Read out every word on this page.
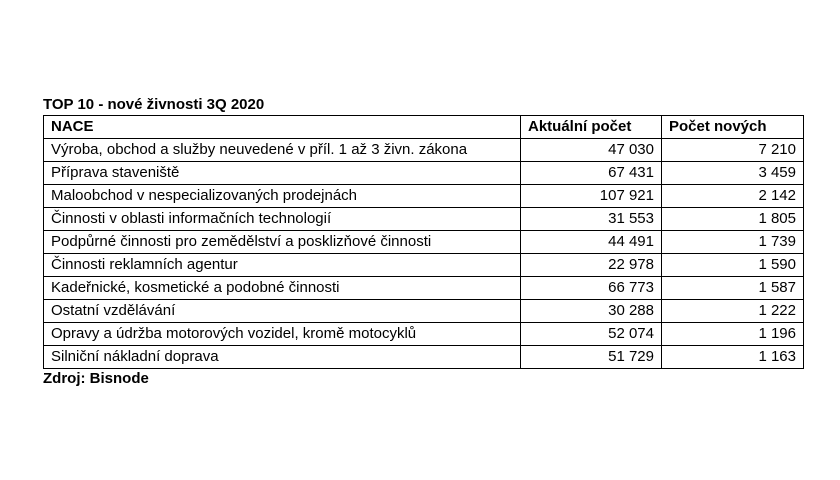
TOP 10 - nové živnosti 3Q 2020
NACE	Aktuální počet	Počet nových
Výroba, obchod a služby neuvedené v příl. 1 až 3 živn. zákona	47 030	7 210
Příprava staveniště	67 431	3 459
Maloobchod v nespecializovaných prodejnách	107 921	2 142
Činnosti v oblasti informačních technologií	31 553	1 805
Podpůrné činnosti pro zemědělství a posklizňové činnosti	44 491	1 739
Činnosti reklamních agentur	22 978	1 590
Kadeřnické, kosmetické a podobné činnosti	66 773	1 587
Ostatní vzdělávání	30 288	1 222
Opravy a údržba motorových vozidel, kromě motocyklů	52 074	1 196
Silniční nákladní doprava	51 729	1 163
Zdroj: Bisnode
